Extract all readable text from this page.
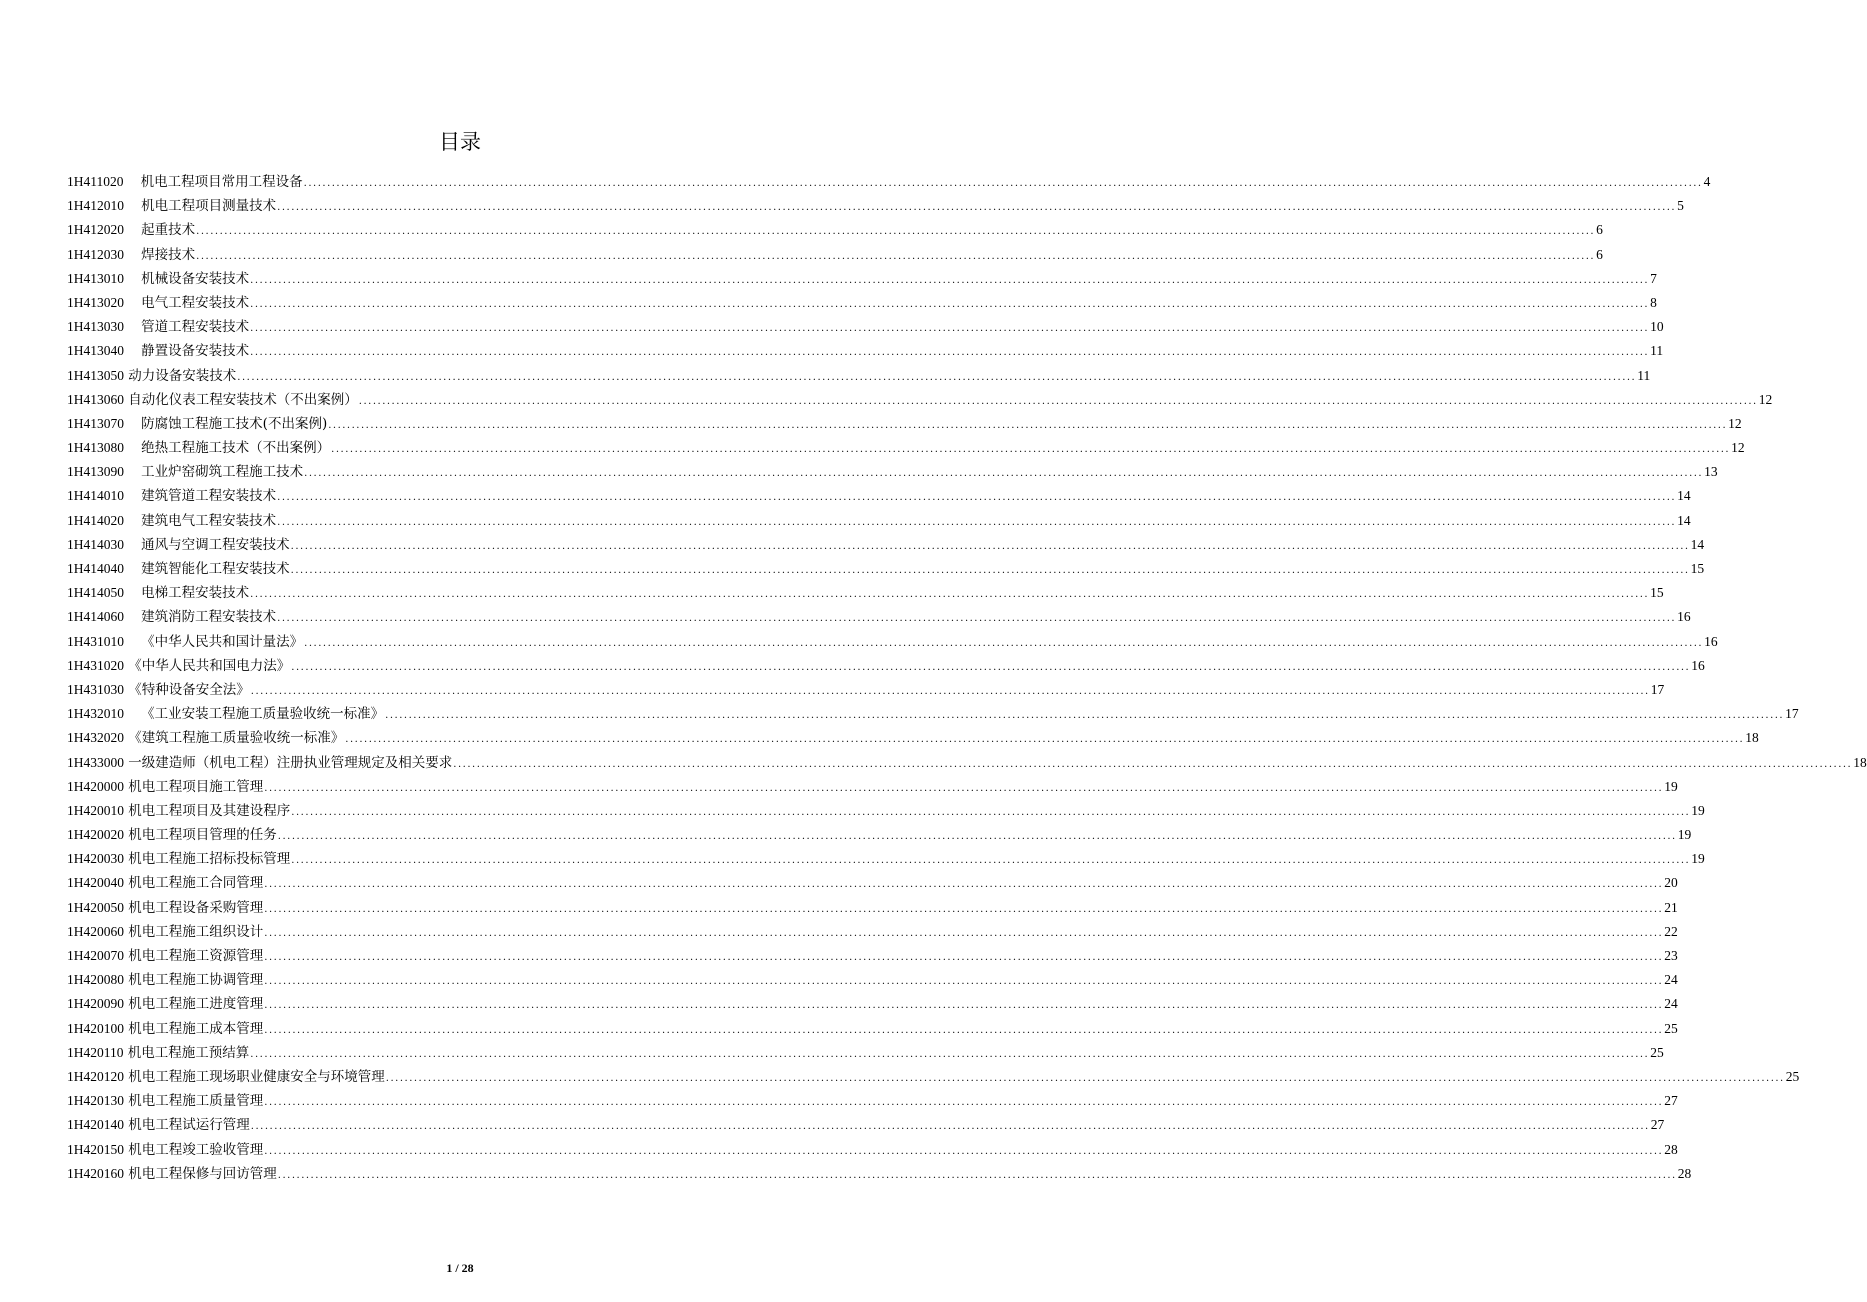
目录
1H411020 机电工程项目常用工程设备 .....	4
1H412010 机电工程项目测量技术 .....	5
1H412020 起重技术 .....	6
1H412030 焊接技术 .....	6
1H413010 机械设备安装技术 .....	7
1H413020 电气工程安装技术 .....	8
1H413030 管道工程安装技术 .....	10
1H413040 静置设备安装技术 .....	11
1H413050 动力设备安装技术 .....	11
1H413060 自动化仪表工程安装技术（不出案例） .....	12
1H413070 防腐蚀工程施工技术(不出案例) .....	12
1H413080 绝热工程施工技术（不出案例） .....	12
1H413090 工业炉窑砌筑工程施工技术 .....	13
1H414010 建筑管道工程安装技术 .....	14
1H414020 建筑电气工程安装技术 .....	14
1H414030 通风与空调工程安装技术 .....	14
1H414040 建筑智能化工程安装技术 .....	15
1H414050 电梯工程安装技术 .....	15
1H414060 建筑消防工程安装技术 .....	16
1H431010 《中华人民共和国计量法》 .....	16
1H431020 《中华人民共和国电力法》 .....	16
1H431030 《特种设备安全法》 .....	17
1H432010 《工业安装工程施工质量验收统一标准》 .....	17
1H432020 《建筑工程施工质量验收统一标准》 .....	18
1H433000 一级建造师（机电工程）注册执业管理规定及相关要求 .....	18
1H420000 机电工程项目施工管理 .....	19
1H420010 机电工程项目及其建设程序 .....	19
1H420020 机电工程项目管理的任务 .....	19
1H420030 机电工程施工招标投标管理 .....	19
1H420040 机电工程施工合同管理 .....	20
1H420050 机电工程设备采购管理 .....	21
1H420060 机电工程施工组织设计 .....	22
1H420070 机电工程施工资源管理 .....	23
1H420080 机电工程施工协调管理 .....	24
1H420090 机电工程施工进度管理 .....	24
1H420100 机电工程施工成本管理 .....	25
1H420110 机电工程施工预结算 .....	25
1H420120 机电工程施工现场职业健康安全与环境管理 .....	25
1H420130 机电工程施工质量管理 .....	27
1H420140 机电工程试运行管理 .....	27
1H420150 机电工程竣工验收管理 .....	28
1H420160 机电工程保修与回访管理 .....	28
1 / 28
